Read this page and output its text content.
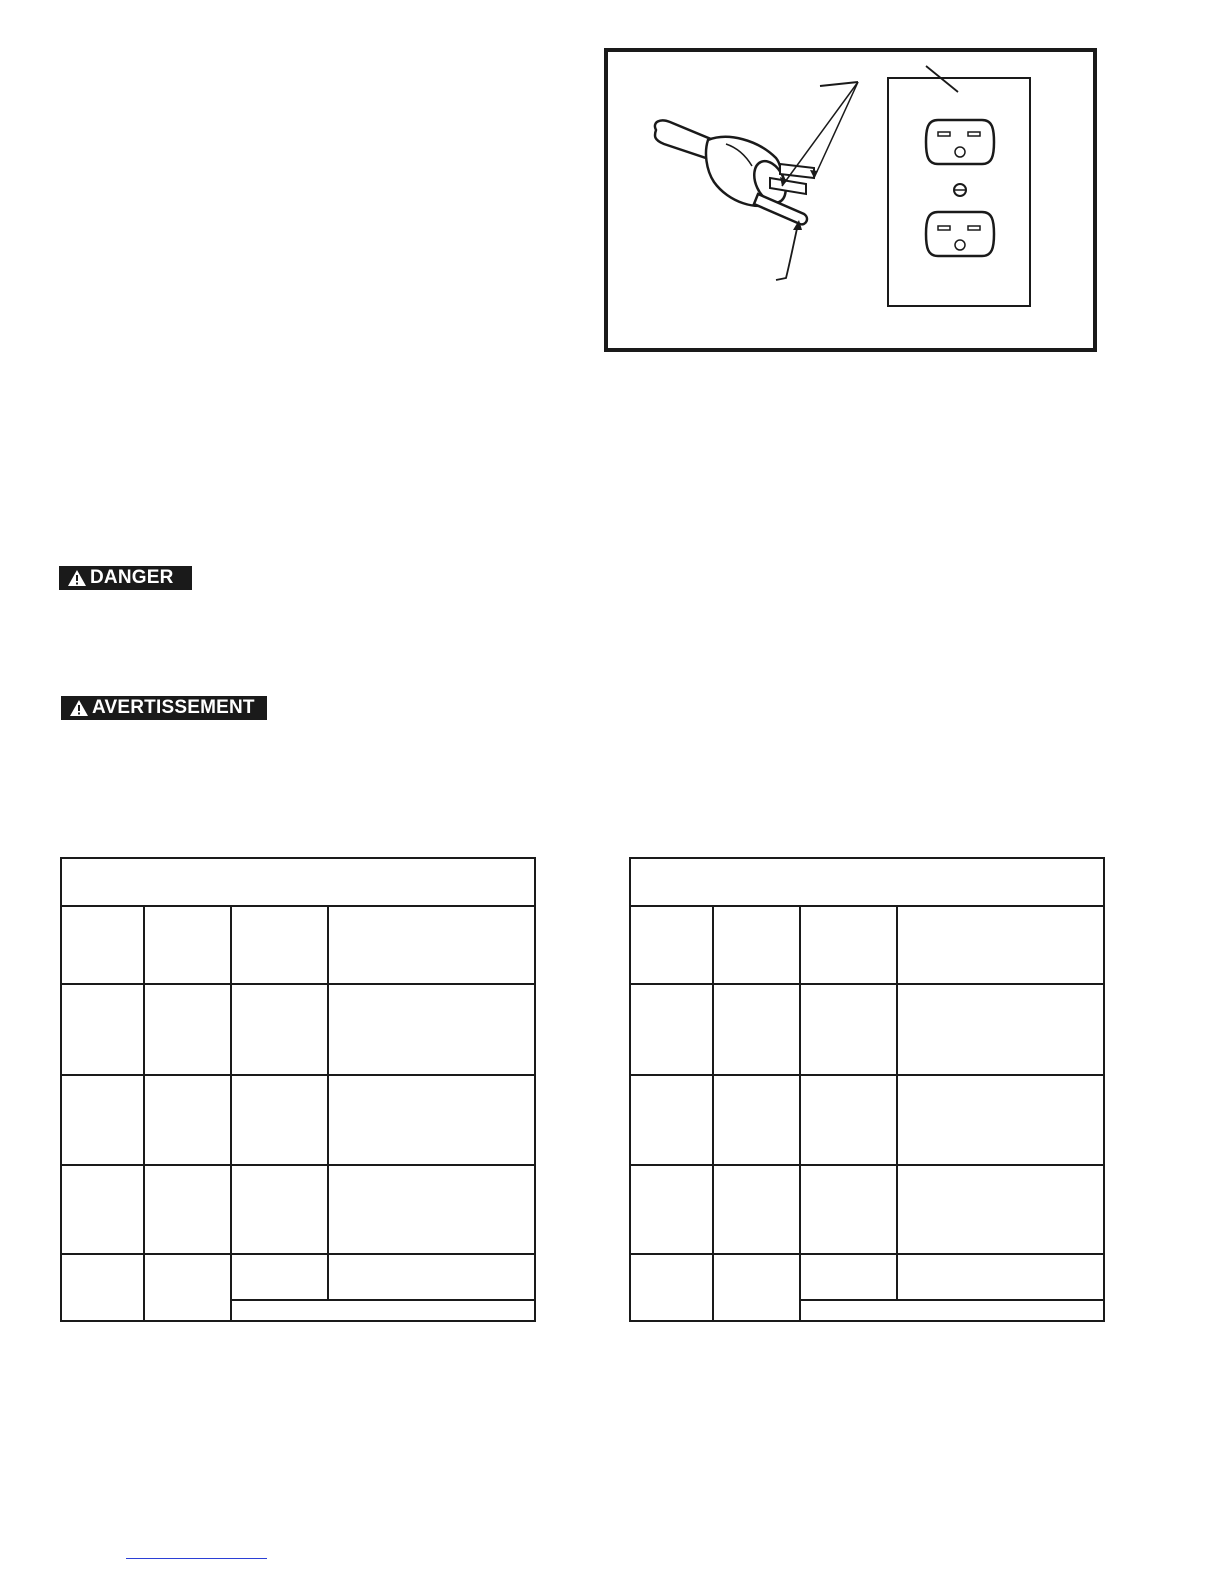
DANGER
AVERTISSEMENT
